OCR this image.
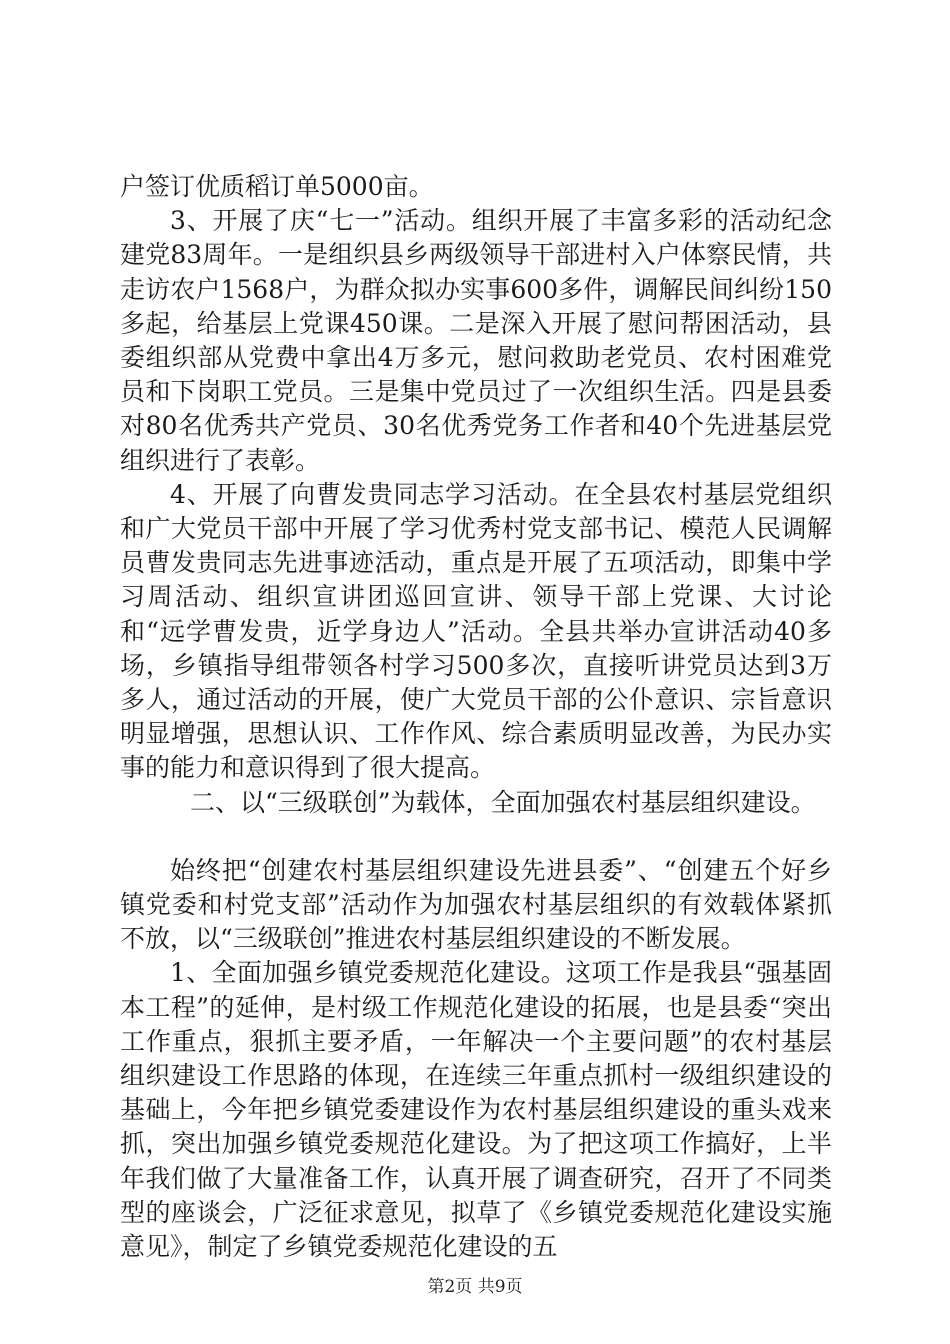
户签订优质稻订单5000亩。

3、开展了庆“七一”活动。组织开展了丰富多彩的活动纪念建党83周年。一是组织县乡两级领导干部进村入户体察民情，共走访农户1568户，为群众拟办实事600多件，调解民间纠纷150多起，给基层上党课450课。二是深入开展了慰问帮困活动，县委组织部从党费中拿出4万多元，慰问救助老党员、农村困难党员和下岗职工党员。三是集中党员过了一次组织生活。四是县委对80名优秀共产党员、30名优秀党务工作者和40个先进基层党组织进行了表彰。

4、开展了向曹发贵同志学习活动。在全县农村基层党组织和广大党员干部中开展了学习优秀村党支部书记、模范人民调解员曹发贵同志先进事迹活动，重点是开展了五项活动，即集中学习周活动、组织宣讲团巡回宣讲、领导干部上党课、大讨论和“远学曹发贵，近学身边人”活动。全县共举办宣讲活动40多场，乡镇指导组带领各村学习500多次，直接听讲党员达到3万多人，通过活动的开展，使广大党员干部的公仆意识、宗旨意识明显增强，思想认识、工作作风、综合素质明显改善，为民办实事的能力和意识得到了很大提高。

二、以“三级联创”为载体，全面加强农村基层组织建设。

始终把“创建农村基层组织建设先进县委”、“创建五个好乡镇党委和村党支部”活动作为加强农村基层组织的有效载体紧抓不放，以“三级联创”推进农村基层组织建设的不断发展。

1、全面加强乡镇党委规范化建设。这项工作是我县“强基固本工程”的延伸，是村级工作规范化建设的拓展，也是县委“突出工作重点，狠抓主要矛盾，一年解决一个主要问题”的农村基层组织建设工作思路的体现，在连续三年重点抓村一级组织建设的基础上，今年把乡镇党委建设作为农村基层组织建设的重头戏来抓，突出加强乡镇党委规范化建设。为了把这项工作搞好，上半年我们做了大量准备工作，认真开展了调查研究，召开了不同类型的座谈会，广泛征求意见，拟草了《乡镇党委规范化建设实施意见》，制定了乡镇党委规范化建设的五

第2页 共9页
